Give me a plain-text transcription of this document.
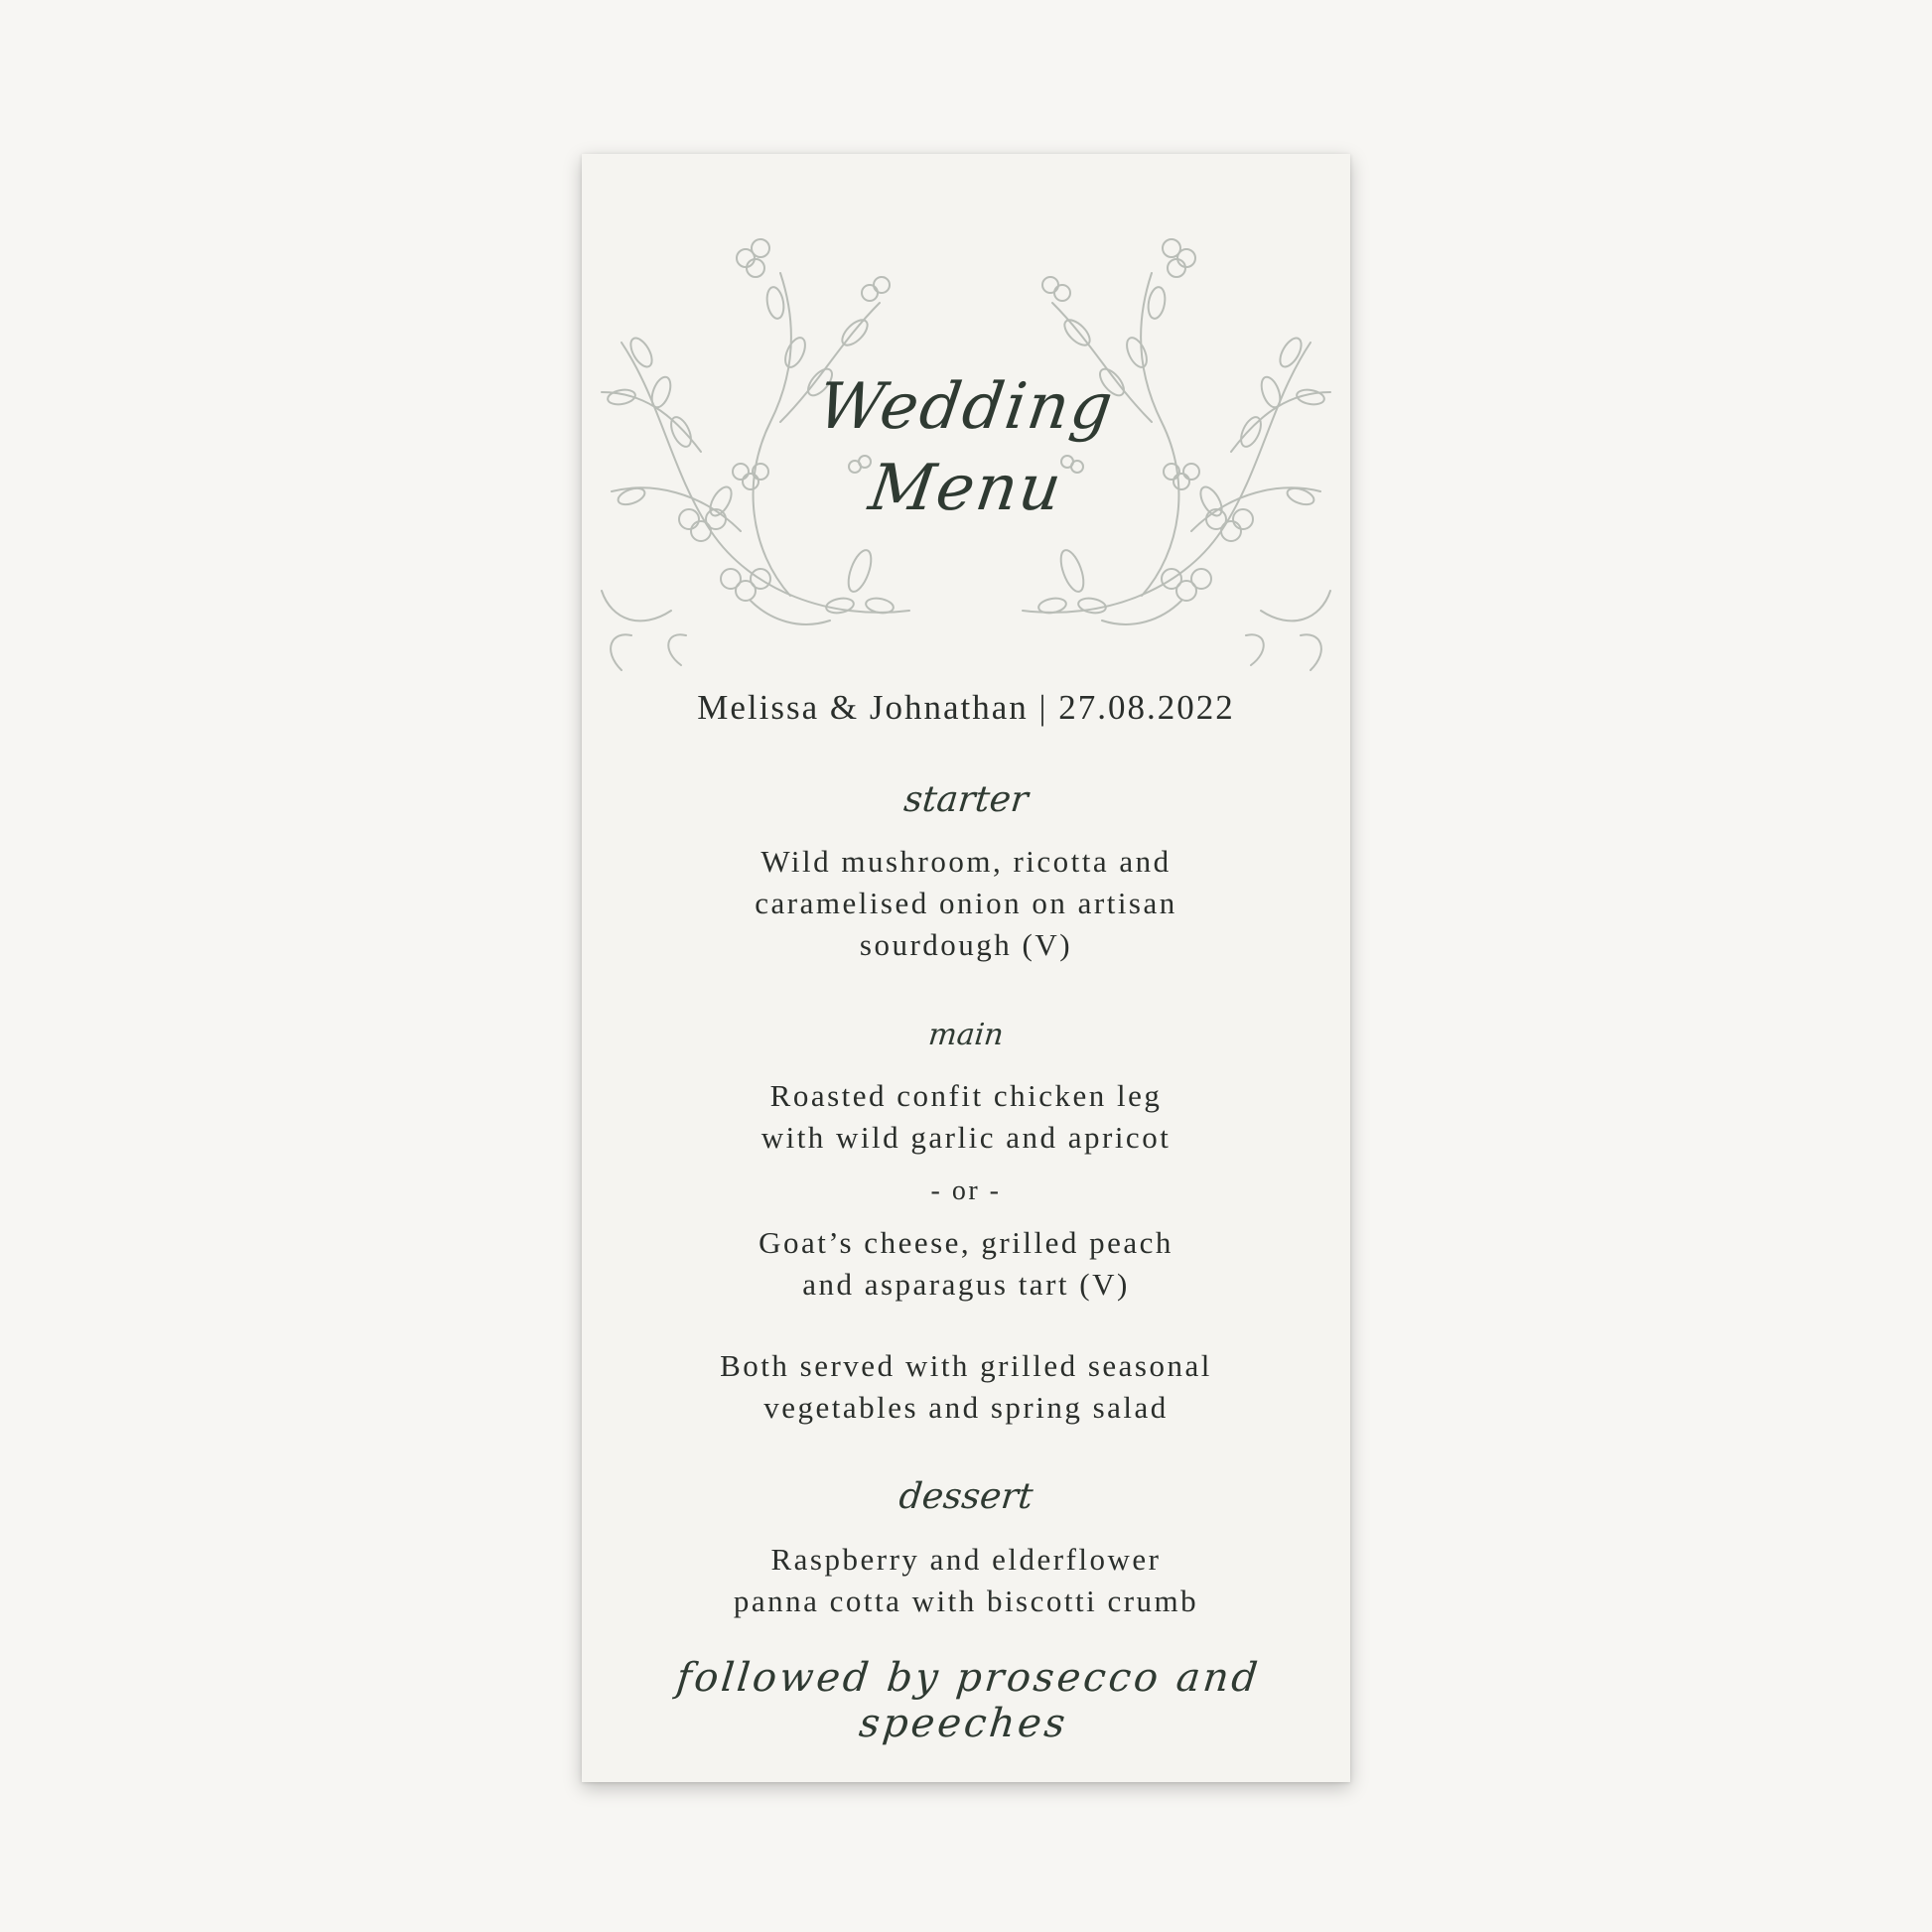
Wedding
Menu
Melissa & Johnathan | 27.08.2022
starter
Wild mushroom, ricotta and
caramelised onion on artisan
sourdough (V)
main
Roasted confit chicken leg
with wild garlic and apricot
- or -
Goat’s cheese, grilled peach
and asparagus tart (V)
Both served with grilled seasonal
vegetables and spring salad
dessert
Raspberry and elderflower
panna cotta with biscotti crumb
followed by prosecco and speeches
